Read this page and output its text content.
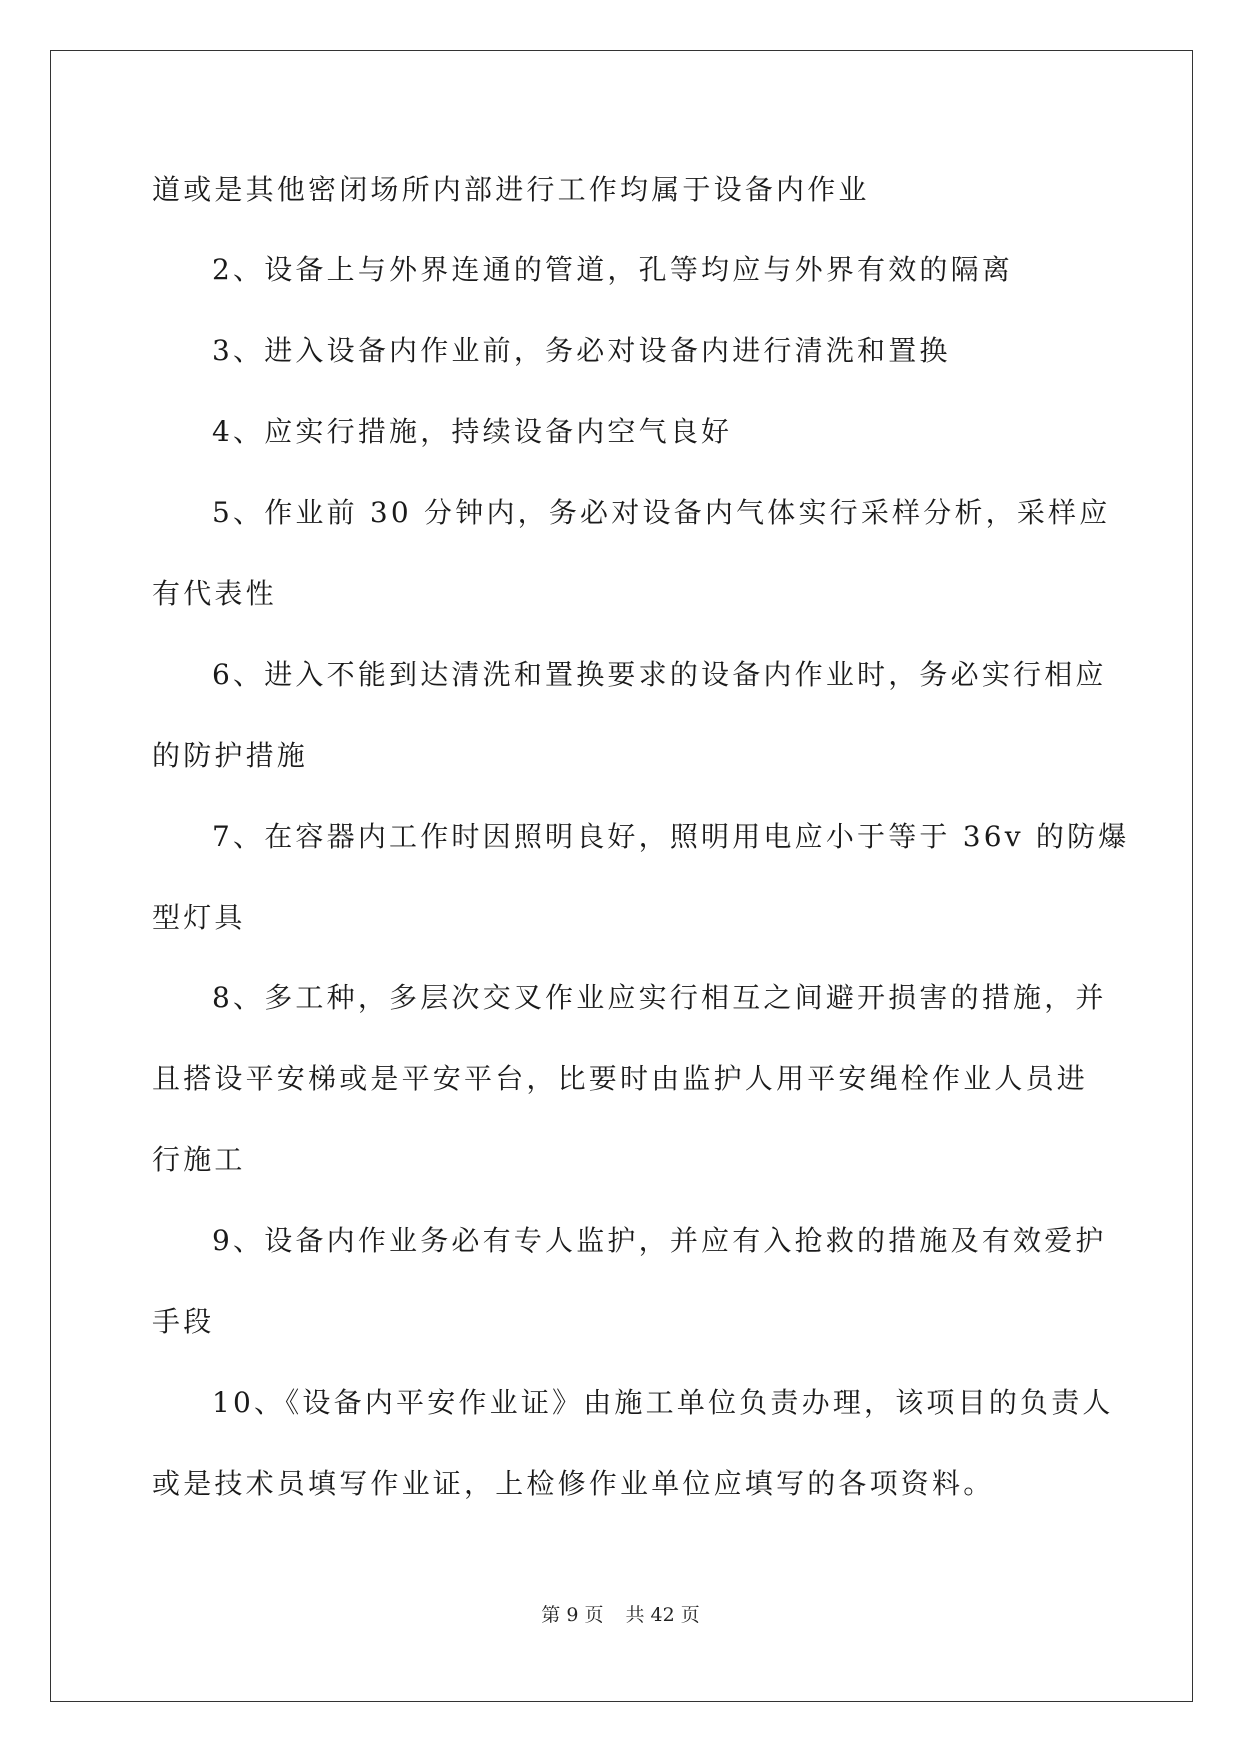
道或是其他密闭场所内部进行工作均属于设备内作业
2、设备上与外界连通的管道，孔等均应与外界有效的隔离
3、进入设备内作业前，务必对设备内进行清洗和置换
4、应实行措施，持续设备内空气良好
5、作业前 30 分钟内，务必对设备内气体实行采样分析，采样应
有代表性
6、进入不能到达清洗和置换要求的设备内作业时，务必实行相应
的防护措施
7、在容器内工作时因照明良好，照明用电应小于等于 36v 的防爆
型灯具
8、多工种，多层次交叉作业应实行相互之间避开损害的措施，并
且搭设平安梯或是平安平台，比要时由监护人用平安绳栓作业人员进
行施工
9、设备内作业务必有专人监护，并应有入抢救的措施及有效爱护
手段
10、《设备内平安作业证》由施工单位负责办理，该项目的负责人
或是技术员填写作业证，上检修作业单位应填写的各项资料。
第 9 页 共 42 页
